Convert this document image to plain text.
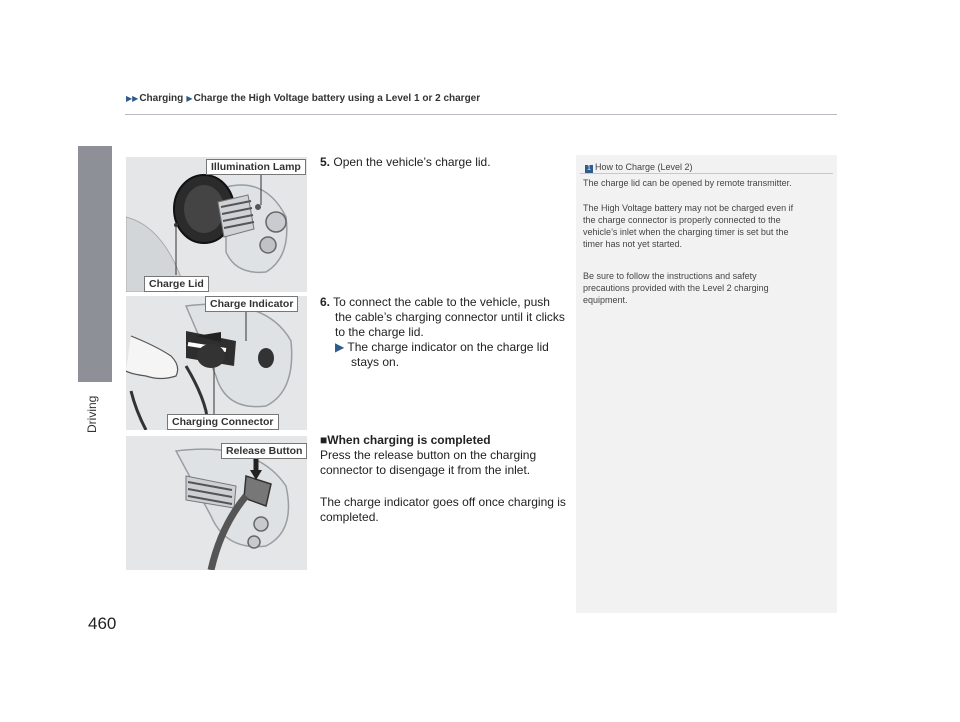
▶▶Charging ▶Charge the High Voltage battery using a Level 1 or 2 charger
Driving
460
Illumination Lamp
Charge Lid
Charge Indicator
Charging Connector
Release Button
5. Open the vehicle’s charge lid.
6. To connect the cable to the vehicle, push
the cable’s charging connector until it clicks
to the charge lid.
▶ The charge indicator on the charge lid
stays on.
■When charging is completed
Press the release button on the charging
connector to disengage it from the inlet.
The charge indicator goes off once charging is
completed.
1 How to Charge (Level 2)
The charge lid can be opened by remote transmitter.
The High Voltage battery may not be charged even if
the charge connector is properly connected to the
vehicle’s inlet when the charging timer is set but the
timer has not yet started.
Be sure to follow the instructions and safety
precautions provided with the Level 2 charging
equipment.
